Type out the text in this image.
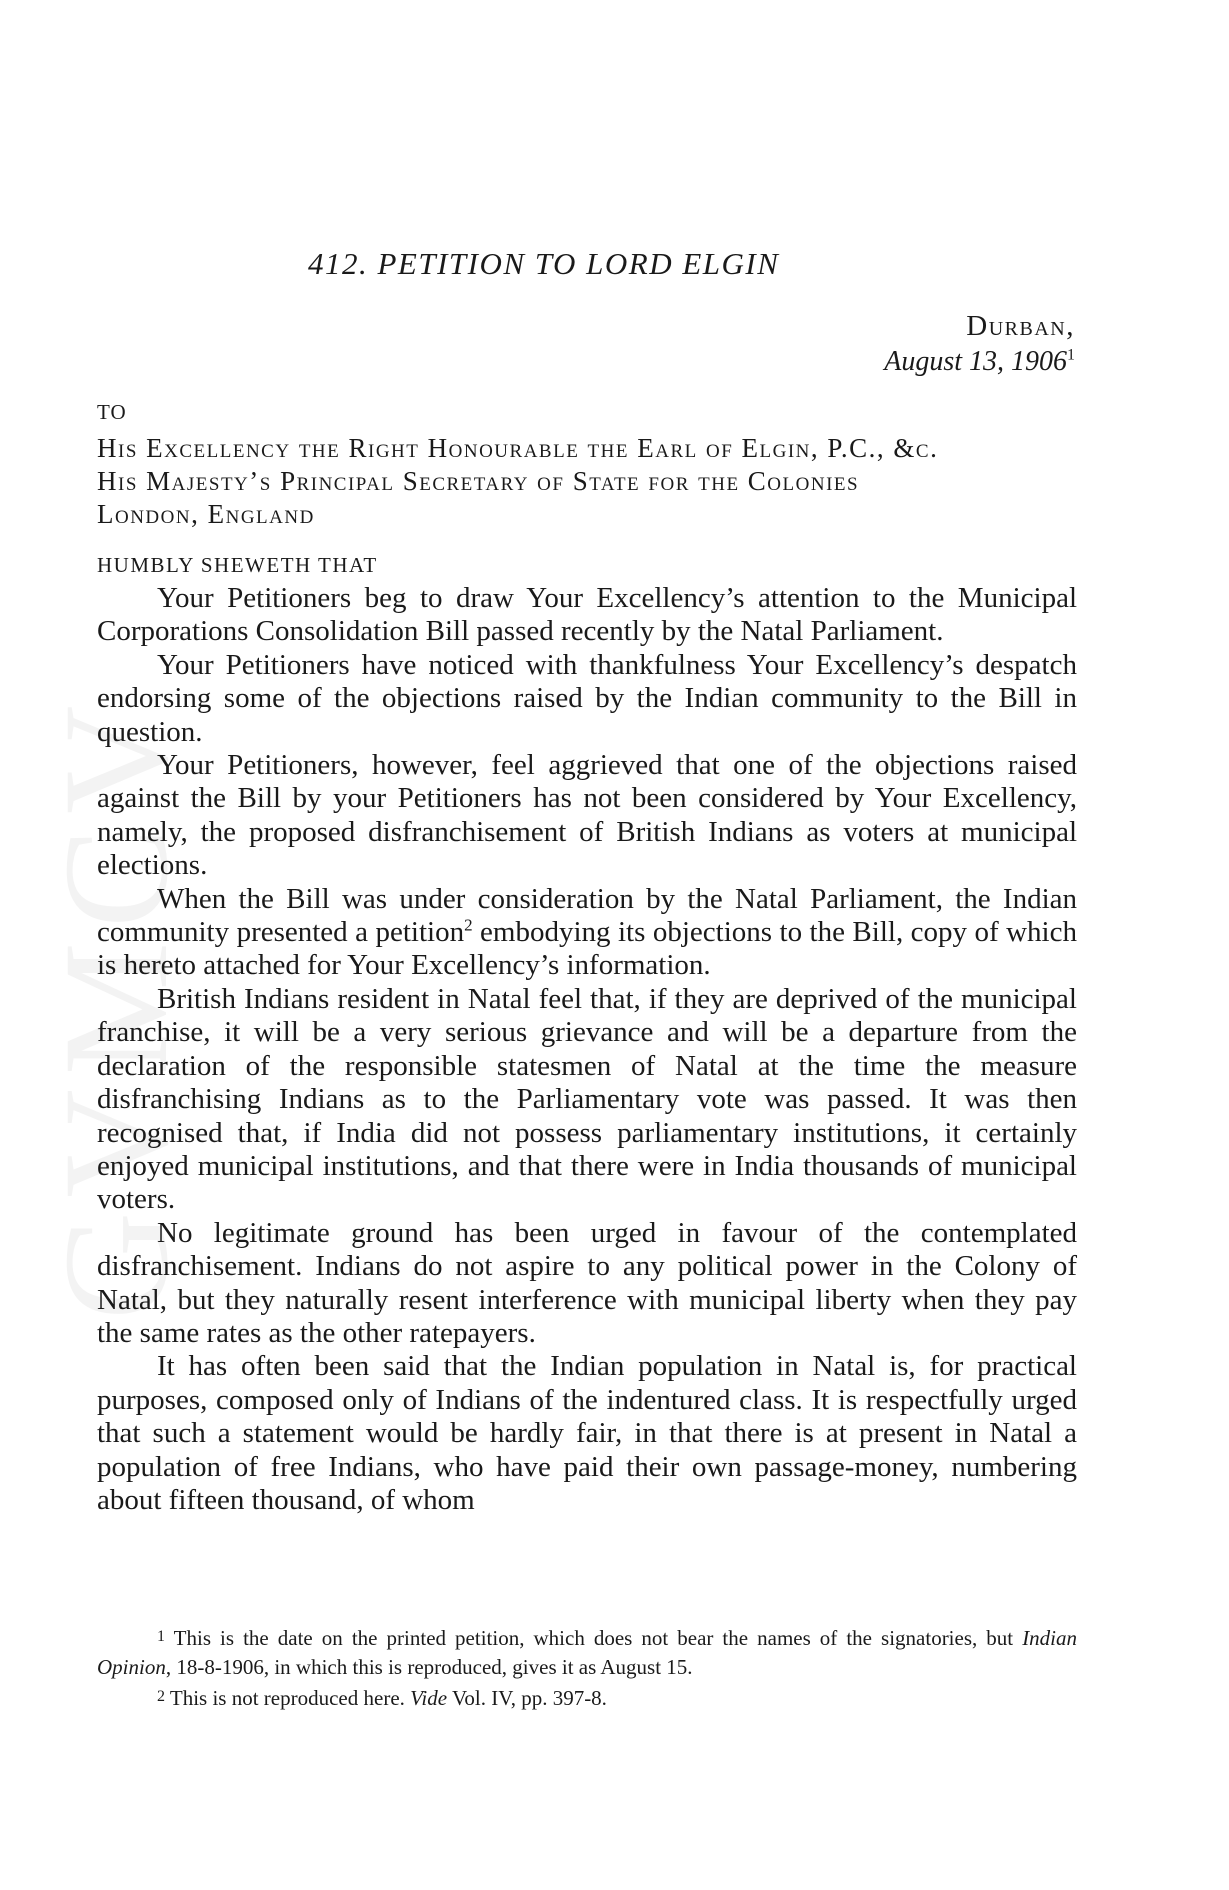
412. PETITION TO LORD ELGIN
Durban,
August 13, 1906$^1$
TO
His Excellency the Right Honourable the Earl of Elgin, P.C., &c.
His Majesty’s Principal Secretary of State for the Colonies
London, England
HUMBLY SHEWETH THAT

Your Petitioners beg to draw Your Excellency’s attention to the Municipal Corporations Consolidation Bill passed recently by the Natal Parliament.

Your Petitioners have noticed with thankfulness Your Excellency’s despatch endorsing some of the objections raised by the Indian community to the Bill in question.

Your Petitioners, however, feel aggrieved that one of the objections raised against the Bill by your Petitioners has not been considered by Your Excellency, namely, the proposed disfranchisement of British Indians as voters at municipal elections.

When the Bill was under consideration by the Natal Parliament, the Indian community presented a petition$^2$ embodying its objections to the Bill, copy of which is hereto attached for Your Excellency’s information.

British Indians resident in Natal feel that, if they are deprived of the municipal franchise, it will be a very serious grievance and will be a departure from the declaration of the responsible statesmen of Natal at the time the measure disfranchising Indians as to the Parliamentary vote was passed. It was then recognised that, if India did not possess parliamentary institutions, it certainly enjoyed municipal institutions, and that there were in India thousands of municipal voters.

No legitimate ground has been urged in favour of the contemplated disfranchisement. Indians do not aspire to any political power in the Colony of Natal, but they naturally resent interference with municipal liberty when they pay the same rates as the other ratepayers.

It has often been said that the Indian population in Natal is, for practical purposes, composed only of Indians of the indentured class. It is respectfully urged that such a statement would be hardly fair, in that there is at present in Natal a population of free Indians, who have paid their own passage-money, numbering about fifteen thousand, of whom

1 This is the date on the printed petition, which does not bear the names of the signatories, but Indian Opinion, 18-8-1906, in which this is reproduced, gives it as August 15.

2 This is not reproduced here. Vide Vol. IV, pp. 397-8.
